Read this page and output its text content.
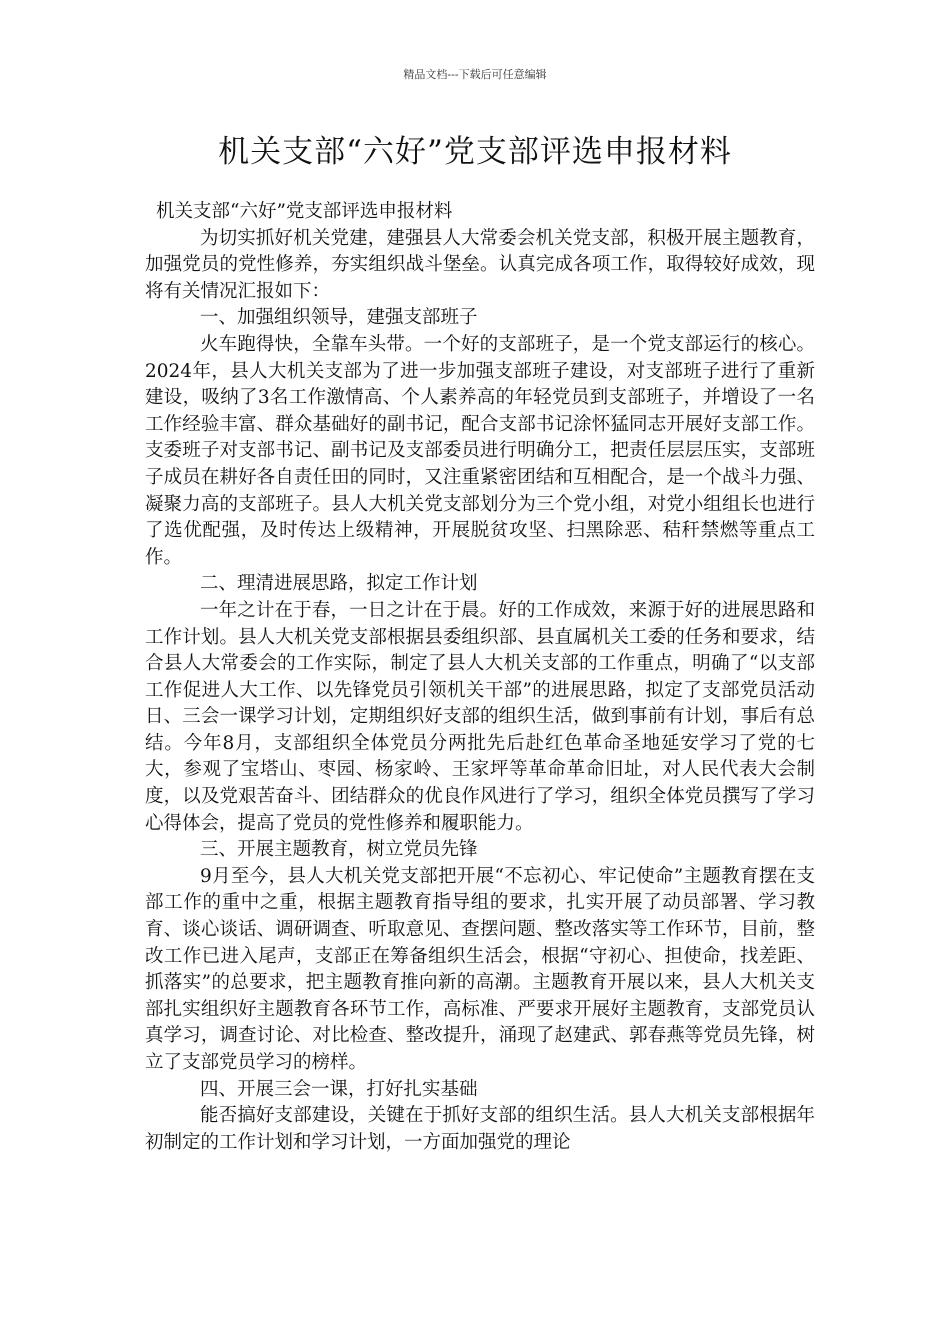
精品文档---下载后可任意编辑
机关支部“六好”党支部评选申报材料

机关支部“六好”党支部评选申报材料

为切实抓好机关党建，建强县人大常委会机关党支部，积极开展主题教育，加强党员的党性修养，夯实组织战斗堡垒。认真完成各项工作，取得较好成效，现将有关情况汇报如下：

一、加强组织领导，建强支部班子

火车跑得快，全靠车头带。一个好的支部班子，是一个党支部运行的核心。2024年，县人大机关支部为了进一步加强支部班子建设，对支部班子进行了重新建设，吸纳了3名工作激情高、个人素养高的年轻党员到支部班子，并增设了一名工作经验丰富、群众基础好的副书记，配合支部书记涂怀猛同志开展好支部工作。支委班子对支部书记、副书记及支部委员进行明确分工，把责任层层压实，支部班子成员在耕好各自责任田的同时，又注重紧密团结和互相配合，是一个战斗力强、凝聚力高的支部班子。县人大机关党支部划分为三个党小组，对党小组组长也进行了选优配强，及时传达上级精神，开展脱贫攻坚、扫黑除恶、秸秆禁燃等重点工作。

二、理清进展思路，拟定工作计划

一年之计在于春，一日之计在于晨。好的工作成效，来源于好的进展思路和工作计划。县人大机关党支部根据县委组织部、县直属机关工委的任务和要求，结合县人大常委会的工作实际，制定了县人大机关支部的工作重点，明确了“以支部工作促进人大工作、以先锋党员引领机关干部”的进展思路，拟定了支部党员活动日、三会一课学习计划，定期组织好支部的组织生活，做到事前有计划，事后有总结。今年8月，支部组织全体党员分两批先后赴红色革命圣地延安学习了党的七大，参观了宝塔山、枣园、杨家岭、王家坪等革命革命旧址，对人民代表大会制度，以及党艰苦奋斗、团结群众的优良作风进行了学习，组织全体党员撰写了学习心得体会，提高了党员的党性修养和履职能力。

三、开展主题教育，树立党员先锋

9月至今，县人大机关党支部把开展“不忘初心、牢记使命”主题教育摆在支部工作的重中之重，根据主题教育指导组的要求，扎实开展了动员部署、学习教育、谈心谈话、调研调查、听取意见、查摆问题、整改落实等工作环节，目前，整改工作已进入尾声，支部正在筹备组织生活会，根据“守初心、担使命，找差距、抓落实”的总要求，把主题教育推向新的高潮。主题教育开展以来，县人大机关支部扎实组织好主题教育各环节工作，高标准、严要求开展好主题教育，支部党员认真学习，调查讨论、对比检查、整改提升，涌现了赵建武、郭春燕等党员先锋，树立了支部党员学习的榜样。

四、开展三会一课，打好扎实基础

能否搞好支部建设，关键在于抓好支部的组织生活。县人大机关支部根据年初制定的工作计划和学习计划，一方面加强党的理论
